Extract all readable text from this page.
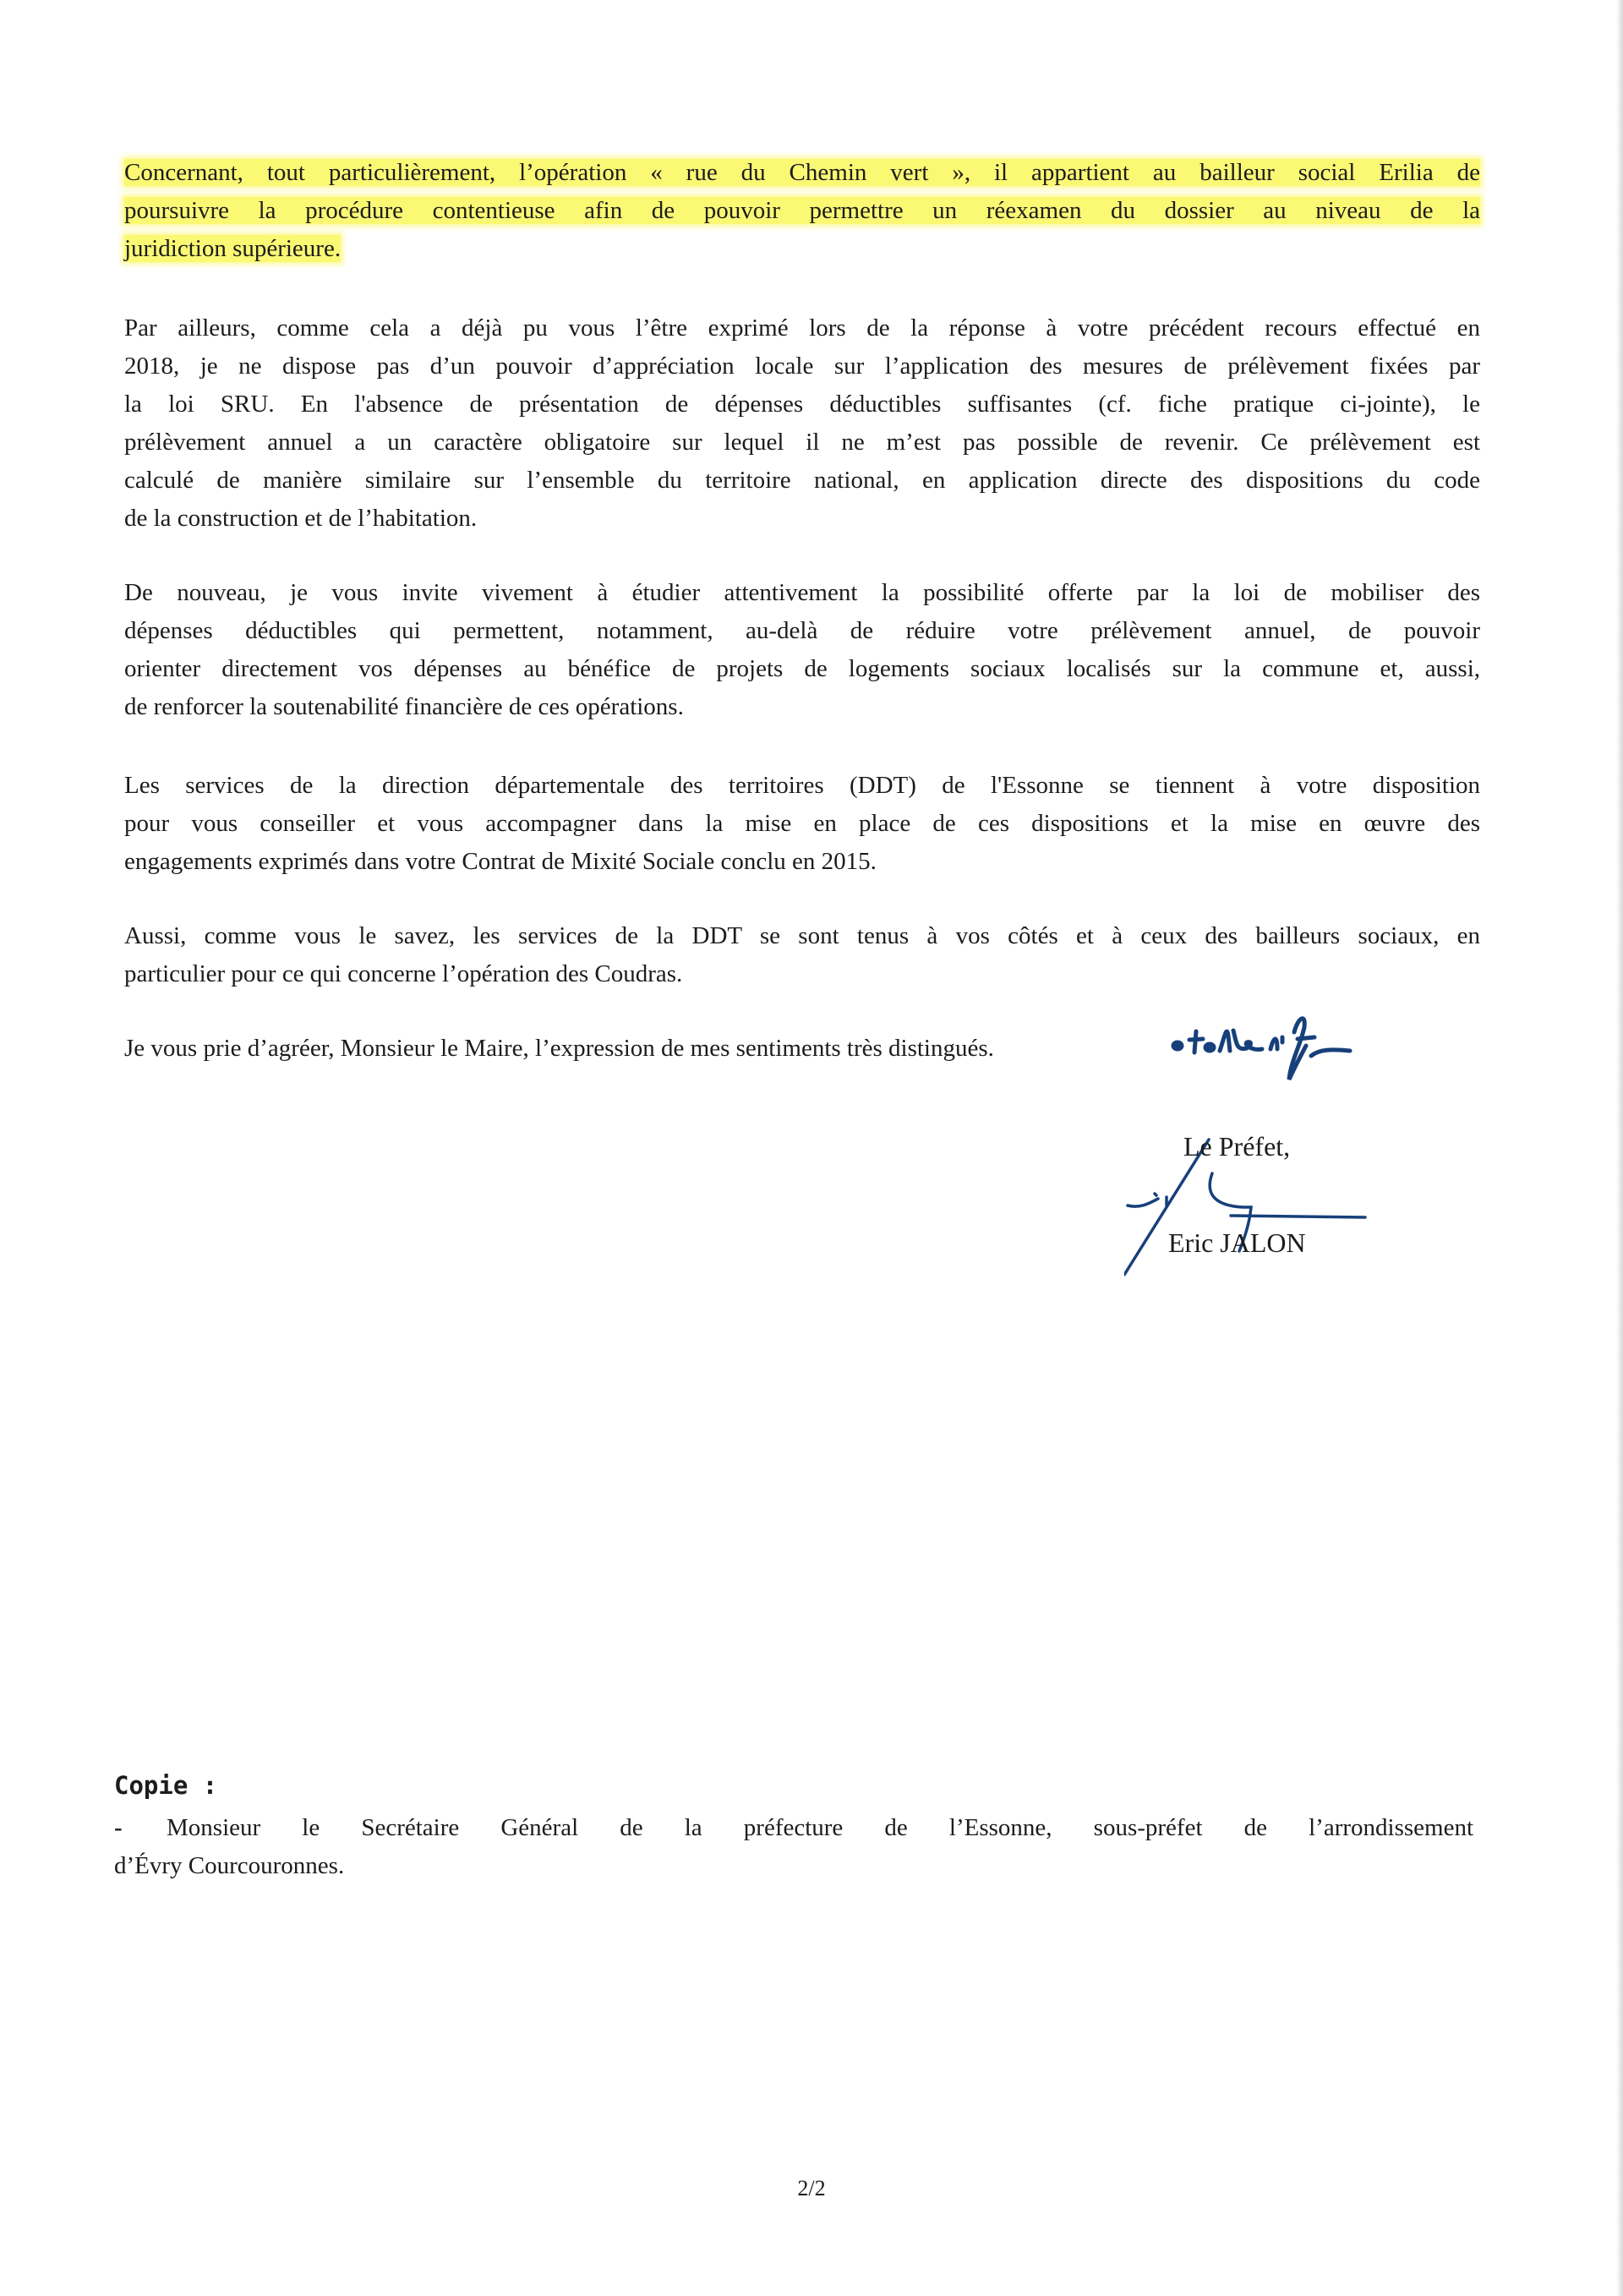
Concernant, tout particulièrement, l’opération « rue du Chemin vert », il appartient au bailleur social Erilia de
poursuivre la procédure contentieuse afin de pouvoir permettre un réexamen du dossier au niveau de la
juridiction supérieure.
Par ailleurs, comme cela a déjà pu vous l’être exprimé lors de la réponse à votre précédent recours effectué en
2018, je ne dispose pas d’un pouvoir d’appréciation locale sur l’application des mesures de prélèvement fixées par
la loi SRU. En l'absence de présentation de dépenses déductibles suffisantes (cf. fiche pratique ci-jointe), le
prélèvement annuel a un caractère obligatoire sur lequel il ne m’est pas possible de revenir. Ce prélèvement est
calculé de manière similaire sur l’ensemble du territoire national, en application directe des dispositions du code
de la construction et de l’habitation.
De nouveau, je vous invite vivement à étudier attentivement la possibilité offerte par la loi de mobiliser des
dépenses déductibles qui permettent, notamment, au-delà de réduire votre prélèvement annuel, de pouvoir
orienter directement vos dépenses au bénéfice de projets de logements sociaux localisés sur la commune et, aussi,
de renforcer la soutenabilité financière de ces opérations.
Les services de la direction départementale des territoires (DDT) de l'Essonne se tiennent à votre disposition
pour vous conseiller et vous accompagner dans la mise en place de ces dispositions et la mise en œuvre des
engagements exprimés dans votre Contrat de Mixité Sociale conclu en 2015.
Aussi, comme vous le savez, les services de la DDT se sont tenus à vos côtés et à ceux des bailleurs sociaux, en
particulier pour ce qui concerne l’opération des Coudras.
Je vous prie d’agréer, Monsieur le Maire, l’expression de mes sentiments très distingués.
Le Préfet,
Eric JALON
Copie :
-	Monsieur le Secrétaire Général de la préfecture de l’Essonne, sous-préfet de l’arrondissement
d’Évry Courcouronnes.
2/2
